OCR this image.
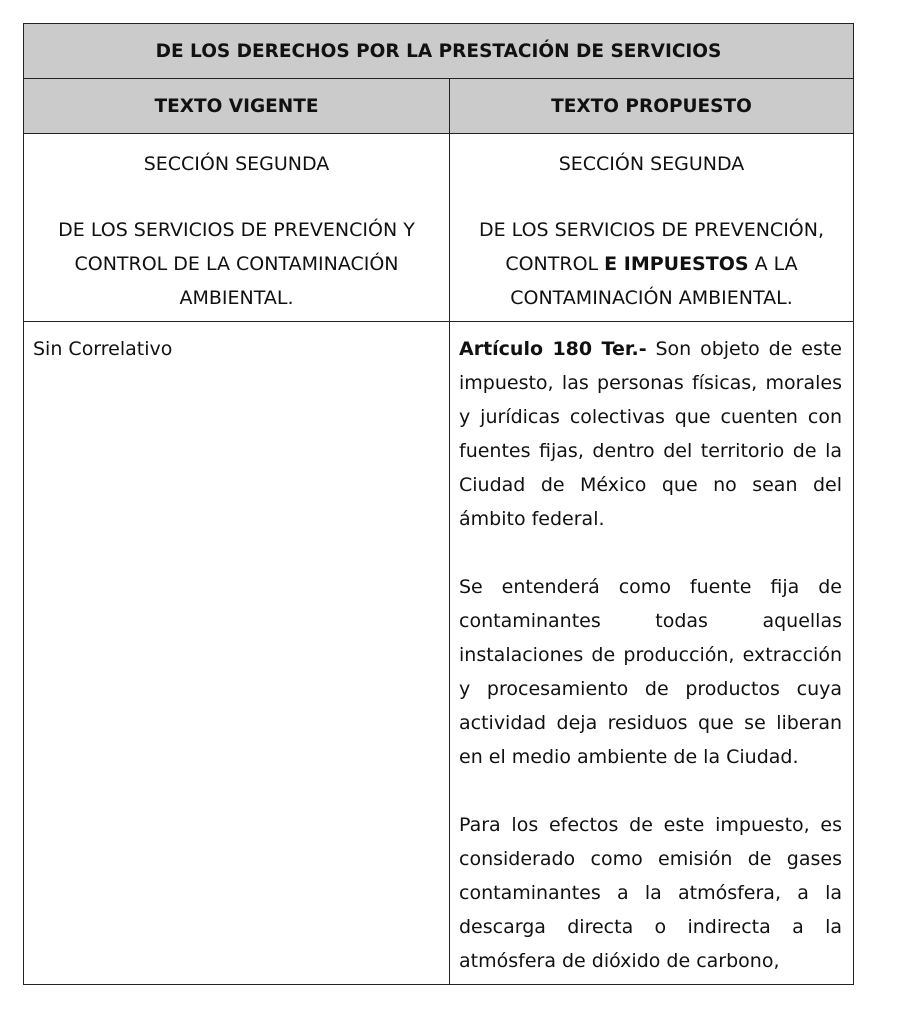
DE LOS DERECHOS POR LA PRESTACIÓN DE SERVICIOS
TEXTO VIGENTE	TEXTO PROPUESTO
SECCIÓN SEGUNDA
DE LOS SERVICIOS DE PREVENCIÓN Y CONTROL DE LA CONTAMINACIÓN AMBIENTAL.
SECCIÓN SEGUNDA
DE LOS SERVICIOS DE PREVENCIÓN, CONTROL E IMPUESTOS A LA CONTAMINACIÓN AMBIENTAL.
Sin Correlativo	Artículo 180 Ter.- Son objeto de este impuesto, las personas físicas, morales y jurídicas colectivas que cuenten con fuentes fijas, dentro del territorio de la Ciudad de México que no sean del ámbito federal.

Se entenderá como fuente fija de contaminantes todas aquellas instalaciones de producción, extracción y procesamiento de productos cuya actividad deja residuos que se liberan en el medio ambiente de la Ciudad.

Para los efectos de este impuesto, es considerado como emisión de gases contaminantes a la atmósfera, a la descarga directa o indirecta a la atmósfera de dióxido de carbono,
